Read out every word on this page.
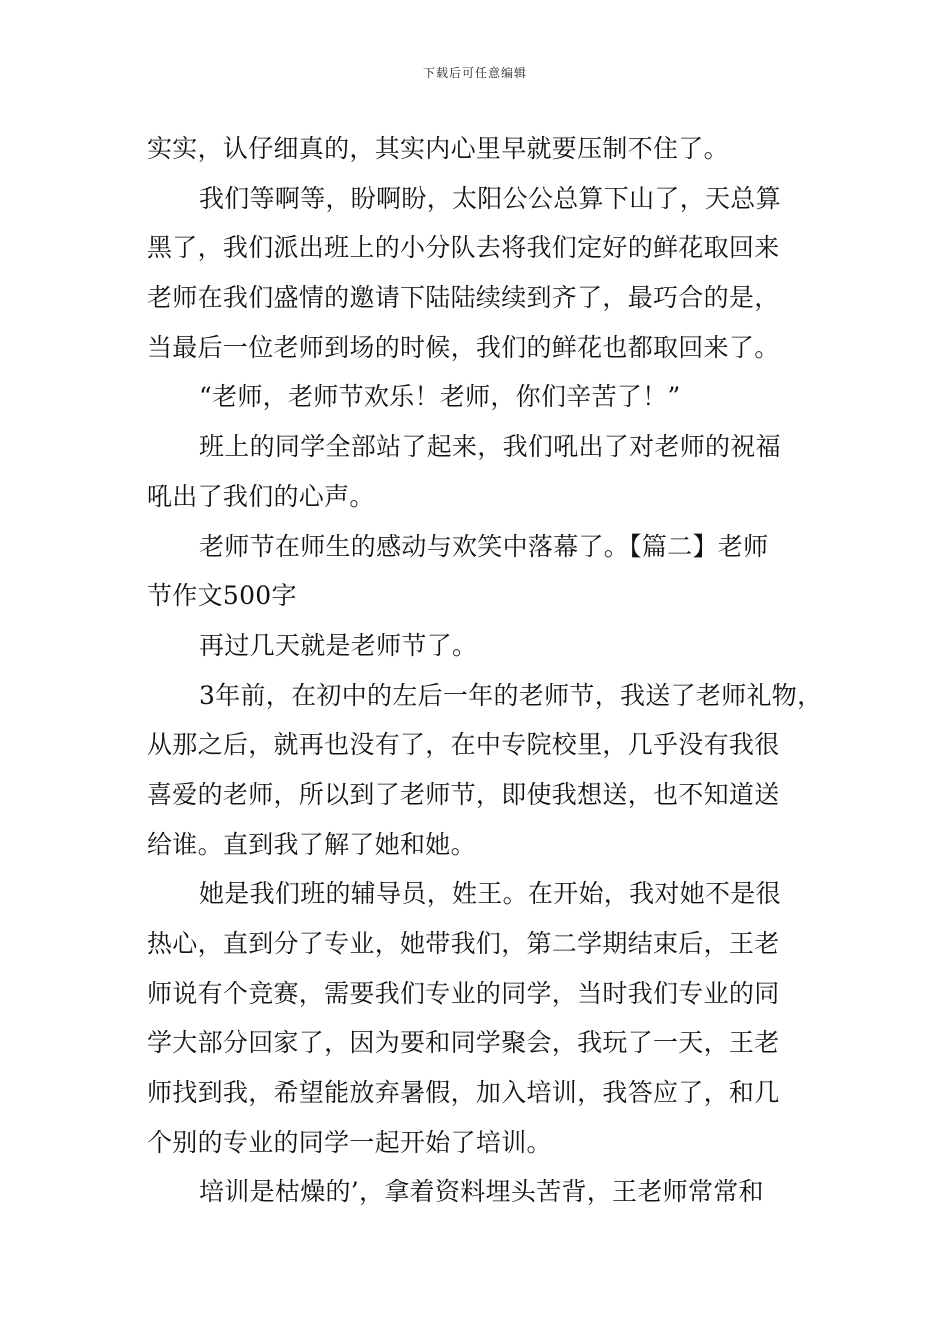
下载后可任意编辑
实实，认仔细真的，其实内心里早就要压制不住了。
我们等啊等，盼啊盼，太阳公公总算下山了，天总算
黑了，我们派出班上的小分队去将我们定好的鲜花取回来
老师在我们盛情的邀请下陆陆续续到齐了，最巧合的是，
当最后一位老师到场的时候，我们的鲜花也都取回来了。
“老师，老师节欢乐！老师，你们辛苦了！”
班上的同学全部站了起来，我们吼出了对老师的祝福
吼出了我们的心声。
老师节在师生的感动与欢笑中落幕了。【篇二】老师
节作文500字
再过几天就是老师节了。
3年前，在初中的左后一年的老师节，我送了老师礼物，
从那之后，就再也没有了，在中专院校里，几乎没有我很
喜爱的老师，所以到了老师节，即使我想送，也不知道送
给谁。直到我了解了她和她。
她是我们班的辅导员，姓王。在开始，我对她不是很
热心，直到分了专业，她带我们，第二学期结束后，王老
师说有个竞赛，需要我们专业的同学，当时我们专业的同
学大部分回家了，因为要和同学聚会，我玩了一天，王老
师找到我，希望能放弃暑假，加入培训，我答应了，和几
个别的专业的同学一起开始了培训。
培训是枯燥的’，拿着资料埋头苦背，王老师常常和
